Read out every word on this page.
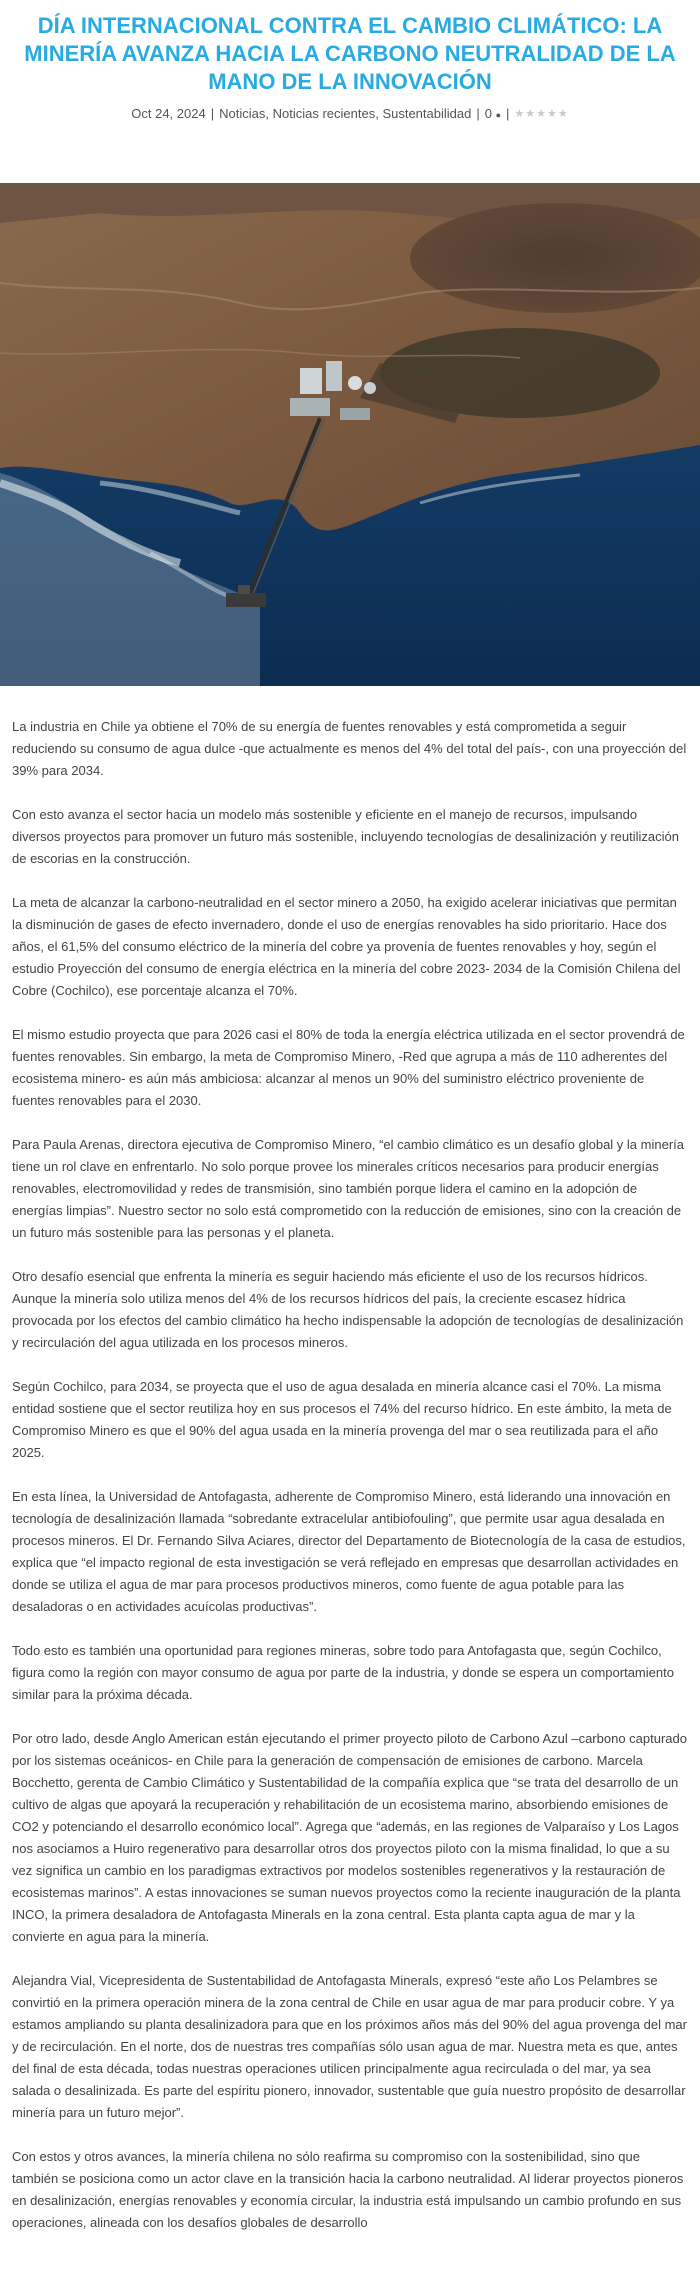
DÍA INTERNACIONAL CONTRA EL CAMBIO CLIMÁTICO: LA MINERÍA AVANZA HACIA LA CARBONO NEUTRALIDAD DE LA MANO DE LA INNOVACIÓN
Oct 24, 2024 | Noticias, Noticias recientes, Sustentabilidad | 0 ● | ★★★★★

La industria en Chile ya obtiene el 70% de su energía de fuentes renovables y está comprometida a seguir reduciendo su consumo de agua dulce -que actualmente es menos del 4% del total del país-, con una proyección del 39% para 2034.

Con esto avanza el sector hacia un modelo más sostenible y eficiente en el manejo de recursos, impulsando diversos proyectos para promover un futuro más sostenible, incluyendo tecnologías de desalinización y reutilización de escorias en la construcción.

La meta de alcanzar la carbono-neutralidad en el sector minero a 2050, ha exigido acelerar iniciativas que permitan la disminución de gases de efecto invernadero, donde el uso de energías renovables ha sido prioritario. Hace dos años, el 61,5% del consumo eléctrico de la minería del cobre ya provenía de fuentes renovables y hoy, según el estudio Proyección del consumo de energía eléctrica en la minería del cobre 2023- 2034 de la Comisión Chilena del Cobre (Cochilco), ese porcentaje alcanza el 70%.

El mismo estudio proyecta que para 2026 casi el 80% de toda la energía eléctrica utilizada en el sector provendrá de fuentes renovables. Sin embargo, la meta de Compromiso Minero, -Red que agrupa a más de 110 adherentes del ecosistema minero- es aún más ambiciosa: alcanzar al menos un 90% del suministro eléctrico proveniente de fuentes renovables para el 2030.

Para Paula Arenas, directora ejecutiva de Compromiso Minero, “el cambio climático es un desafío global y la minería tiene un rol clave en enfrentarlo. No solo porque provee los minerales críticos necesarios para producir energías renovables, electromovilidad y redes de transmisión, sino también porque lidera el camino en la adopción de energías limpias”. Nuestro sector no solo está comprometido con la reducción de emisiones, sino con la creación de un futuro más sostenible para las personas y el planeta.

Otro desafío esencial que enfrenta la minería es seguir haciendo más eficiente el uso de los recursos hídricos. Aunque la minería solo utiliza menos del 4% de los recursos hídricos del país, la creciente escasez hídrica provocada por los efectos del cambio climático ha hecho indispensable la adopción de tecnologías de desalinización y recirculación del agua utilizada en los procesos mineros.

Según Cochilco, para 2034, se proyecta que el uso de agua desalada en minería alcance casi el 70%. La misma entidad sostiene que el sector reutiliza hoy en sus procesos el 74% del recurso hídrico. En este ámbito, la meta de Compromiso Minero es que el 90% del agua usada en la minería provenga del mar o sea reutilizada para el año 2025.

En esta línea, la Universidad de Antofagasta, adherente de Compromiso Minero, está liderando una innovación en tecnología de desalinización llamada “sobredante extracelular antibiofouling”, que permite usar agua desalada en procesos mineros. El Dr. Fernando Silva Aciares, director del Departamento de Biotecnología de la casa de estudios, explica que “el impacto regional de esta investigación se verá reflejado en empresas que desarrollan actividades en donde se utiliza el agua de mar para procesos productivos mineros, como fuente de agua potable para las desaladoras o en actividades acuícolas productivas”.

Todo esto es también una oportunidad para regiones mineras, sobre todo para Antofagasta que, según Cochilco, figura como la región con mayor consumo de agua por parte de la industria, y donde se espera un comportamiento similar para la próxima década.

Por otro lado, desde Anglo American están ejecutando el primer proyecto piloto de Carbono Azul –carbono capturado por los sistemas oceánicos- en Chile para la generación de compensación de emisiones de carbono. Marcela Bocchetto, gerenta de Cambio Climático y Sustentabilidad de la compañía explica que “se trata del desarrollo de un cultivo de algas que apoyará la recuperación y rehabilitación de un ecosistema marino, absorbiendo emisiones de CO2 y potenciando el desarrollo económico local”. Agrega que “además, en las regiones de Valparaíso y Los Lagos nos asociamos a Huiro regenerativo para desarrollar otros dos proyectos piloto con la misma finalidad, lo que a su vez significa un cambio en los paradigmas extractivos por modelos sostenibles regenerativos y la restauración de ecosistemas marinos”. A estas innovaciones se suman nuevos proyectos como la reciente inauguración de la planta INCO, la primera desaladora de Antofagasta Minerals en la zona central. Esta planta capta agua de mar y la convierte en agua para la minería.

Alejandra Vial, Vicepresidenta de Sustentabilidad de Antofagasta Minerals, expresó “este año Los Pelambres se convirtió en la primera operación minera de la zona central de Chile en usar agua de mar para producir cobre. Y ya estamos ampliando su planta desalinizadora para que en los próximos años más del 90% del agua provenga del mar y de recirculación. En el norte, dos de nuestras tres compañías sólo usan agua de mar. Nuestra meta es que, antes del final de esta década, todas nuestras operaciones utilicen principalmente agua recirculada o del mar, ya sea salada o desalinizada. Es parte del espíritu pionero, innovador, sustentable que guía nuestro propósito de desarrollar minería para un futuro mejor”.

Con estos y otros avances, la minería chilena no sólo reafirma su compromiso con la sostenibilidad, sino que también se posiciona como un actor clave en la transición hacia la carbono neutralidad. Al liderar proyectos pioneros en desalinización, energías renovables y economía circular, la industria está impulsando un cambio profundo en sus operaciones, alineada con los desafíos globales de desarrollo
